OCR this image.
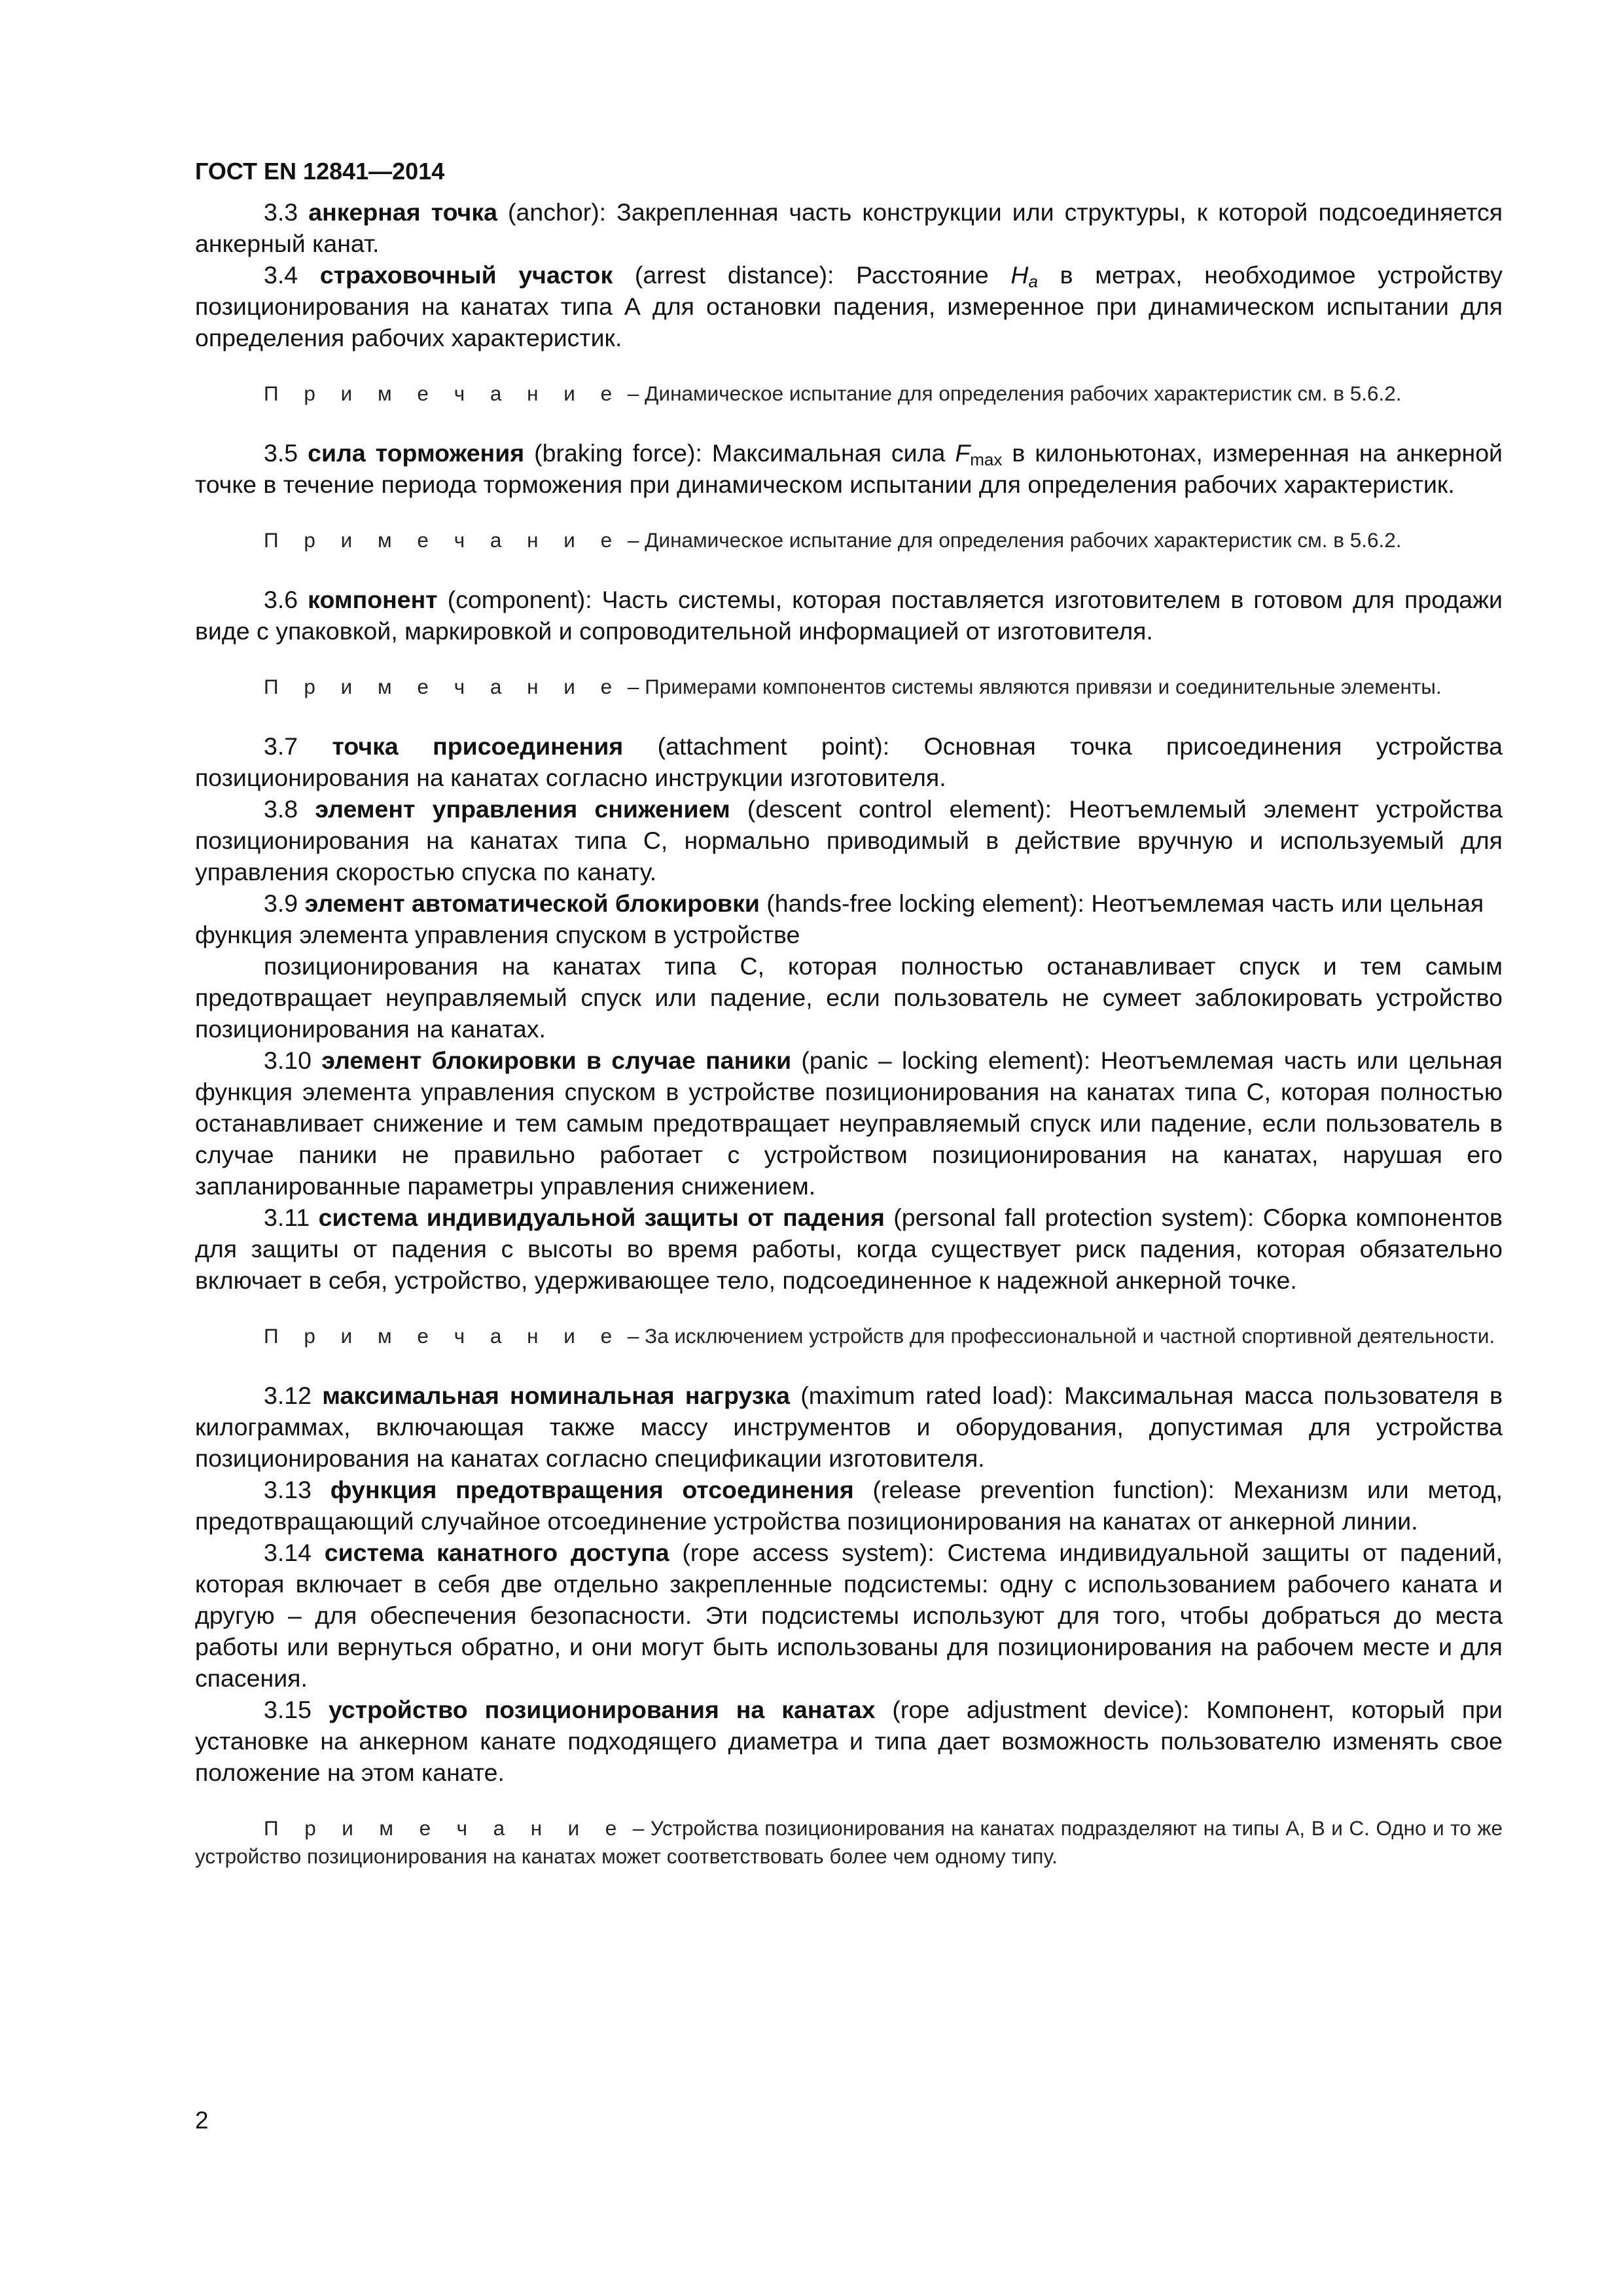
ГОСТ EN 12841—2014

3.3 анкерная точка (anchor): Закрепленная часть конструкции или структуры, к которой подсоединяется анкерный канат.

3.4 страховочный участок (arrest distance): Расстояние $H_a$ в метрах, необходимое устройству позиционирования на канатах типа А для остановки падения, измеренное при динамическом испытании для определения рабочих характеристик.

П р и м е ч а н и е – Динамическое испытание для определения рабочих характеристик см. в 5.6.2.

3.5 сила торможения (braking force): Максимальная сила $F_{max}$ в килоньютонах, измеренная на анкерной точке в течение периода торможения при динамическом испытании для определения рабочих характеристик.

П р и м е ч а н и е – Динамическое испытание для определения рабочих характеристик см. в 5.6.2.

3.6 компонент (component): Часть системы, которая поставляется изготовителем в готовом для продажи виде с упаковкой, маркировкой и сопроводительной информацией от изготовителя.

П р и м е ч а н и е – Примерами компонентов системы являются привязи и соединительные элементы.

3.7 точка присоединения (attachment point): Основная точка присоединения устройства позиционирования на канатах согласно инструкции изготовителя.

3.8 элемент управления снижением (descent control element): Неотъемлемый элемент устройства позиционирования на канатах типа С, нормально приводимый в действие вручную и используемый для управления скоростью спуска по канату.

3.9 элемент автоматической блокировки (hands-free locking element): Неотъемлемая часть или цельная функция элемента управления спуском в устройстве

позиционирования на канатах типа С, которая полностью останавливает спуск и тем самым предотвращает неуправляемый спуск или падение, если пользователь не сумеет заблокировать устройство позиционирования на канатах.

3.10 элемент блокировки в случае паники (panic – locking element): Неотъемлемая часть или цельная функция элемента управления спуском в устройстве позиционирования на канатах типа С, которая полностью останавливает снижение и тем самым предотвращает неуправляемый спуск или падение, если пользователь в случае паники не правильно работает с устройством позиционирования на канатах, нарушая его запланированные параметры управления снижением.

3.11 система индивидуальной защиты от падения (personal fall protection system): Сборка компонентов для защиты от падения с высоты во время работы, когда существует риск падения, которая обязательно включает в себя, устройство, удерживающее тело, подсоединенное к надежной анкерной точке.

П р и м е ч а н и е – За исключением устройств для профессиональной и частной спортивной деятельности.

3.12 максимальная номинальная нагрузка (maximum rated load): Максимальная масса пользователя в килограммах, включающая также массу инструментов и оборудования, допустимая для устройства позиционирования на канатах согласно спецификации изготовителя.

3.13 функция предотвращения отсоединения (release prevention function): Механизм или метод, предотвращающий случайное отсоединение устройства позиционирования на канатах от анкерной линии.

3.14 система канатного доступа (rope access system): Система индивидуальной защиты от падений, которая включает в себя две отдельно закрепленные подсистемы: одну с использованием рабочего каната и другую – для обеспечения безопасности. Эти подсистемы используют для того, чтобы добраться до места работы или вернуться обратно, и они могут быть использованы для позиционирования на рабочем месте и для спасения.

3.15 устройство позиционирования на канатах (rope adjustment device): Компонент, который при установке на анкерном канате подходящего диаметра и типа дает возможность пользователю изменять свое положение на этом канате.

П р и м е ч а н и е – Устройства позиционирования на канатах подразделяют на типы А, В и С. Одно и то же устройство позиционирования на канатах может соответствовать более чем одному типу.

2
